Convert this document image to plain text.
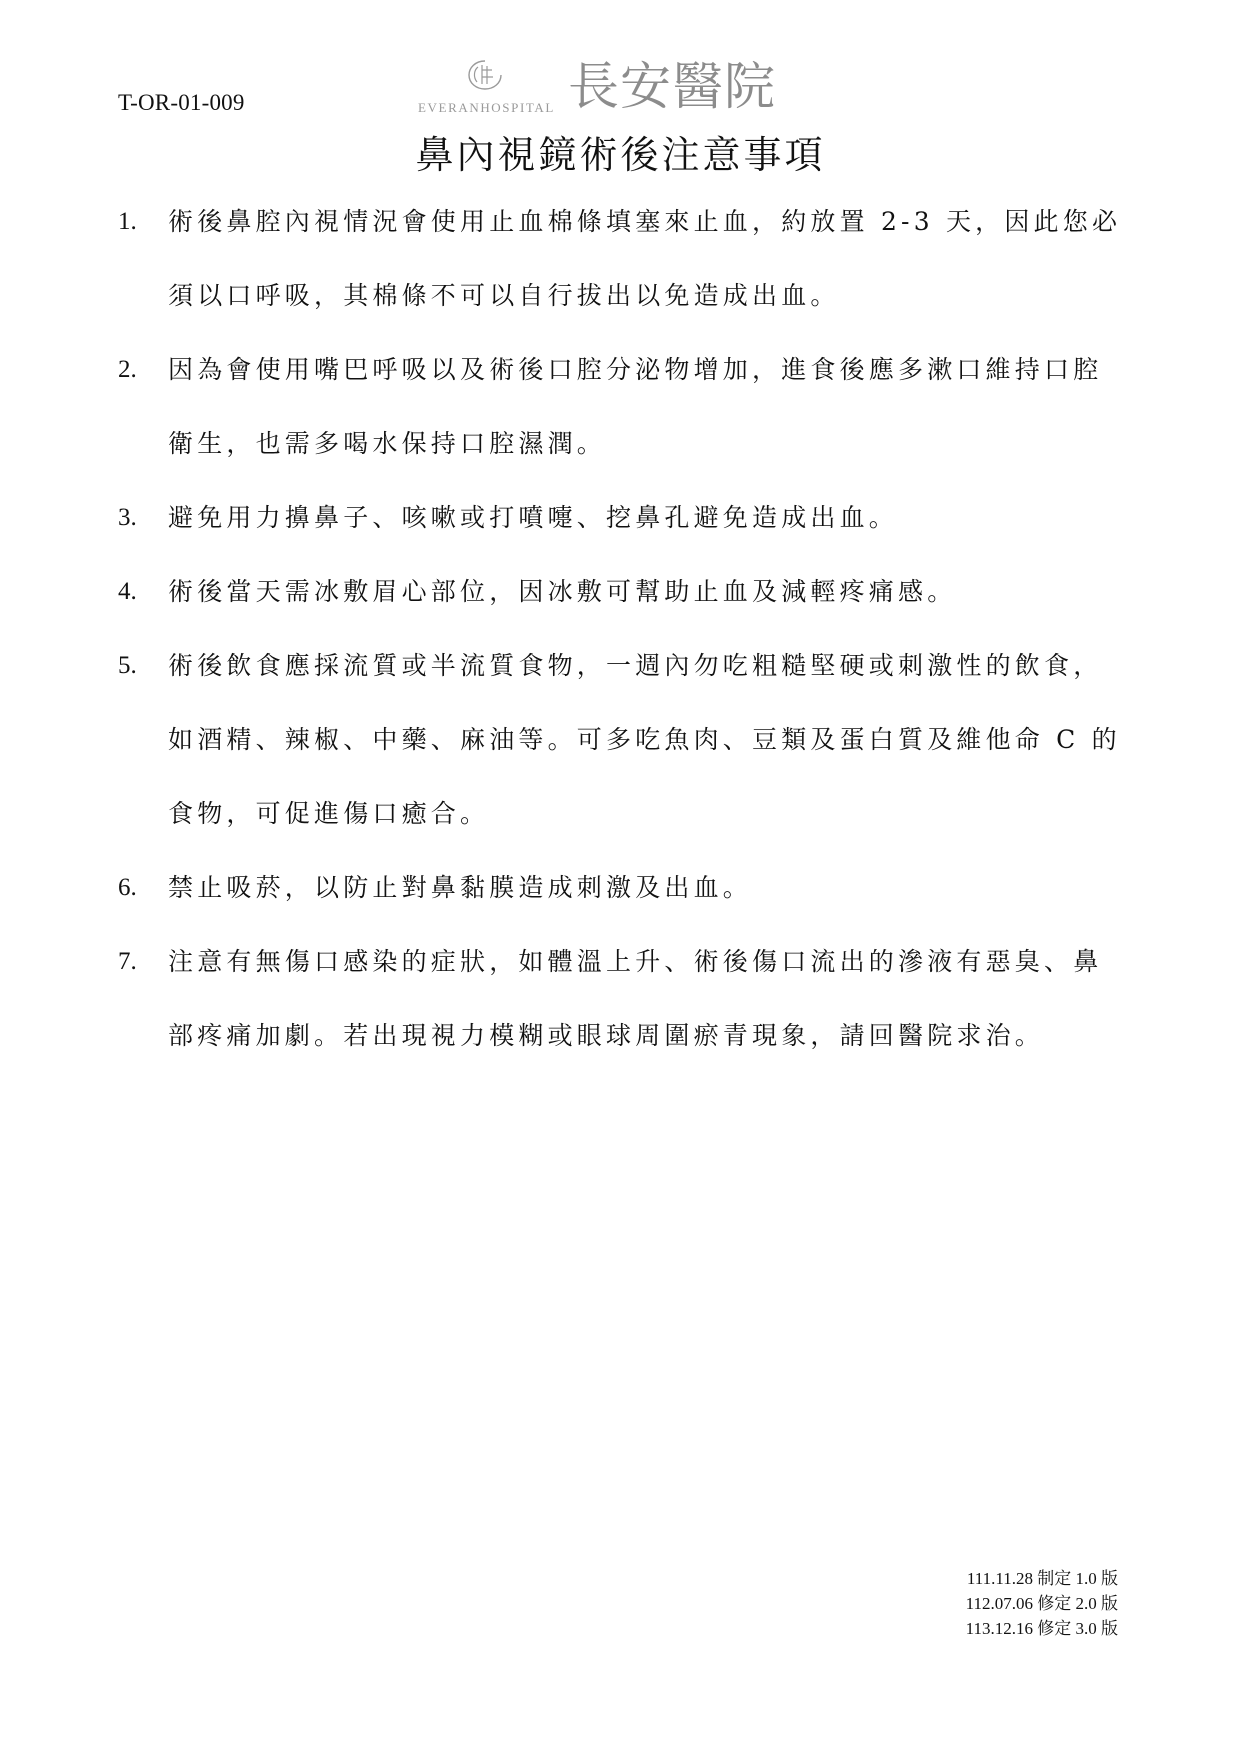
T-OR-01-009	EVERANHOSPITAL 長安醫院
鼻內視鏡術後注意事項
1.	術後鼻腔內視情況會使用止血棉條填塞來止血，約放置 2-3 天，因此您必
須以口呼吸，其棉條不可以自行拔出以免造成出血。
2.	因為會使用嘴巴呼吸以及術後口腔分泌物增加，進食後應多漱口維持口腔
衛生，也需多喝水保持口腔濕潤。
3.	避免用力擤鼻子、咳嗽或打噴嚏、挖鼻孔避免造成出血。
4.	術後當天需冰敷眉心部位，因冰敷可幫助止血及減輕疼痛感。
5.	術後飲食應採流質或半流質食物，一週內勿吃粗糙堅硬或刺激性的飲食，
如酒精、辣椒、中藥、麻油等。可多吃魚肉、豆類及蛋白質及維他命 C 的
食物，可促進傷口癒合。
6.	禁止吸菸，以防止對鼻黏膜造成刺激及出血。
7.	注意有無傷口感染的症狀，如體溫上升、術後傷口流出的滲液有惡臭、鼻
部疼痛加劇。若出現視力模糊或眼球周圍瘀青現象，請回醫院求治。
111.11.28 制定 1.0 版
112.07.06 修定 2.0 版
113.12.16 修定 3.0 版
